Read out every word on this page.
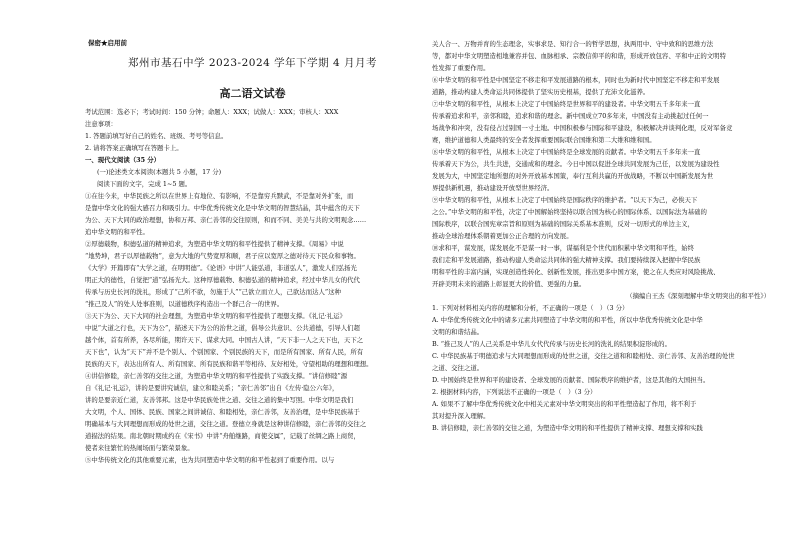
保密★启用前
郑州市基石中学 2023-2024 学年下学期 4 月月考
高二语文试卷
考试范围：选必下；考试时间：150 分钟；命题人：XXX；试做人：XXX；审核人：XXX
注意事项：
1. 答题前填写好自己的姓名、班级、考号等信息。
2. 请将答案正确填写在答题卡上。
一、现代文阅读（35 分）
(一)论述类文本阅读(本题共 5 小题，17 分)
阅读下面的文字，完成 1~5 题。
①在往今来，中华民族之所以在世界上有地位、有影响，不是靠穷兵黩武，不是靠对外扩张，而
是靠中华文化的强大感召力和吸引力。中华优秀传统文化是中华文明的智慧结晶，其中蕴含的天下
为公、天下大同的政治理想，协和万邦、亲仁善邻的交往原则，和而不同、美美与共的文明观念……
追中华文明的和平性。
②厚德载物，积德弘道的精神追求，为塑造中华文明的和平性提供了精神支撑。《周易》中说
“地势坤，君子以厚德载物”，意为大地的气势宽厚和顺，君子应以宽厚之德对待天下民众和事物。
《大学》开篇即有“大学之道，在明明德”。《论语》中讲“人能弘道，非道弘人”，激发人们弘扬光
明正大的德性，自觉把“道”弘扬光大。这种厚德载物、积德弘道的精神追求，经过中华儿女的代代
传承与历史长河的洗礼，形成了“己所不欲，勿施于人”“己欲立而立人，己欲达而达人”这种
“推己及人”的处人处事准则，以道德秩序构造出一个群己合一的世界。
③天下为公、天下大同的社会理想，为塑造中华文明的和平性提供了理想支撑。《礼记·礼运》
中说“大道之行也，天下为公”，描述天下为公的治世之道，倡导公共意识、公共道德，引导人们超
越个体，首有所养，各尽所能，期许天下、谋求大同。中国古人讲，“天下非一人之天下也，天下之
天下也”，认为“天下”并不是个别人、个别国家、个别民族的天下，而是所有国家、所有人民，所有
民族的天下，表达出所有人、所有国家、所有民族和谐平等相待、友好相处，守望相助的理想和理想。
④讲信修睦，亲仁善邻的交往之道，为塑造中华文明的和平性提供了实践支撑。“讲信修睦”源
自《礼记·礼运》，讲的是要讲究诚信，建立和睦关系；“亲仁善邻”出自《左传·隐公六年》，
讲的是要亲近仁道，友善邻邦。这是中华民族处世之道、交往之道的集中写照。中华文明是我们
大文明，个人、国体、民族、国家之间讲诚信、和睦相处，亲仁善邻，友善治理，是中华民族基于
明确基本与大同理想而形成的处世之道，交往之道。登德立身就是这种讲信修睦，亲仁善邻的交往之
道描法的结果。南北朝时期成约在《宋书》中讲“舟舶继路，商使交属”，记载了丝绸之路上商贸，
使者来往繁忙的热闹场面与繁荣景象。
⑤中华传统文化的其他重要元素，也为共同塑造中华文明的和平性起到了重要作用。以与
关人合一、万物并育的生态理念，实事求是、知行合一的哲学思想，执两用中、守中致和的思维方法
等，都对中华文明塑造相地兼容并包、血脉相承、宗教信仰平的和谐，形成开放包容、平和中正的文明特
性发挥了重要作用。
⑥中华文明的和平性是中国坚定不移走和平发展道路的根本，同时也为新时代中国坚定不移走和平发展
道路，推动构建人类命运共同体提供了坚实历史根基，提供了充沛文化滋养。
⑦中华文明的和平性，从根本上决定了中国始终是世界和平的建设者。中华文明五千多年来一直
传承着追求和平，亲邻和睦，追求和谐的理念。新中国成立70多年来，中国没有主动挑起过任何一
场战争和冲突，没有侵占过别国一寸土地。中国积极参与国际和平建设，积极解决并谈判化理，反对军备竞
赛，维护道德和人类最终的安全者发挥重要国际联合国维和第二大维和维和国。
⑧中华文明的和平性，从根本上决定了中国始终是全球发展的贡献者。中华文明五千多年来一直
传承着天下为公，共生共进，交通成和的理念。今日中国以促进全球共同发展为己任，以发展为建设性
发展为大，中国坚定地所想的对外开放基本国策，奉行互利共赢的开放战略，不断以中国新发展为世
界提供新机遇，推动建设开放型世界经济。
⑨中华文明的和平性，从根本上决定了中国始终是国际秩序的维护者。“以天下为己，必俟天下
之公。”中华文明的和平性，决定了中国解始终坚持以联合国为核心的国际体系、以国际法为基础的
国际秩序，以联合国宪章宗旨和原则为基础的国际关系基本准则，反对一切形式的单边主义，
推动全球治理体系朝着更加公正合理的方向发展。
⑩求和平，谋发展，谋发展化不是谋一时一事，谋福利是个世代而积累中华文明和平性，始终
我们走和平发展道路，推动构建人类命运共同体的强大精神支撑。我们要持续深入把握中华民族
明和平性的丰富内涵，实现创造性转化、创新性发展，推出更多中国方案，使之在人类应对风险挑战、
开辟美明未来的道路上彰显更大的价值、更强的力量。
（摘编自王杰《深刻理解中华文明突出的和平性》）
1. 下列对材料相关内容的理解和分析，不正确的一项是（　）（3 分）
A. 中华优秀传统文化中的诸多元素共同塑造了中华文明的和平性，所以中华优秀传统文化是中华
文明的和谐结晶。
B. “推己及人”的人己关系是中华儿女代代传承与历史长河的洗礼的结果积淀形成的。
C. 中华民族基于明德追求与大同理想而形成的处世之道，交往之道和和睦相处、亲仁善邻、友善治理的处世
之道、交往之道。
D. 中国始终是世界和平的建设者、全球发展的贡献者、国际秩序的维护者，这是其他的大国担当。
2. 根据材料内容，下列说法不正确的一项是（　）（3 分）
A. 如果不了解中华优秀传统文化中相关元素对中华文明突出的和平性塑造起了作用，将不利于
其对提升深入理解。
B. 讲信修睦，亲仁善邻的交往之道，为塑造中华文明的和平性提供了精神支撑、理想支撑和实践
